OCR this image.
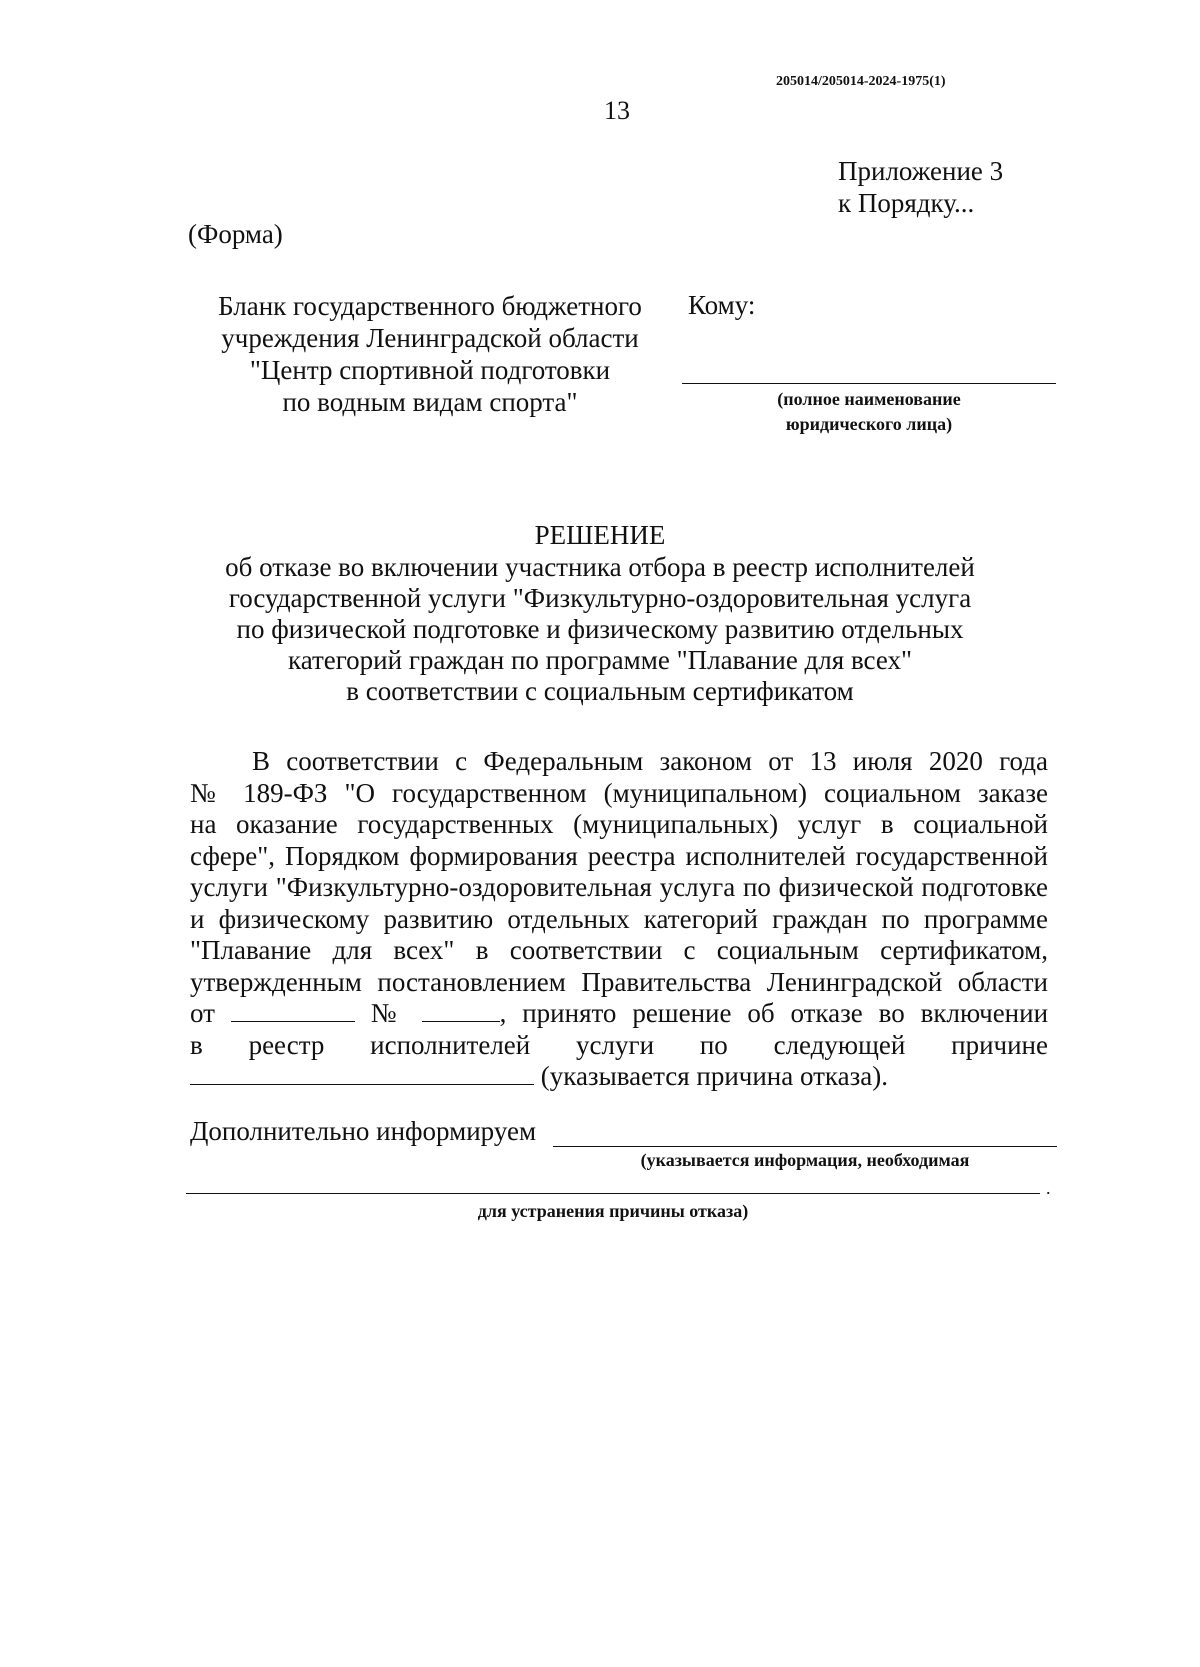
205014/205014-2024-1975(1)
13
Приложение 3
к Порядку...
(Форма)
Бланк государственного бюджетного
учреждения Ленинградской области
"Центр спортивной подготовки
по водным видам спорта"
Кому:
(полное наименование
юридического лица)
РЕШЕНИЕ
об отказе во включении участника отбора в реестр исполнителей
государственной услуги "Физкультурно-оздоровительная услуга
по физической подготовке и физическому развитию отдельных
категорий граждан по программе "Плавание для всех"
в соответствии с социальным сертификатом
В соответствии с Федеральным законом от 13 июля 2020 года
№ 189-ФЗ "О государственном (муниципальном) социальном заказе
на оказание государственных (муниципальных) услуг в социальной
сфере", Порядком формирования реестра исполнителей государственной
услуги "Физкультурно-оздоровительная услуга по физической подготовке
и физическому развитию отдельных категорий граждан по программе
"Плавание для всех" в соответствии с социальным сертификатом,
утвержденным постановлением Правительства Ленинградской области
от	№	, принято решение об отказе во включении
в реестр исполнителей услуги по следующей причине
(указывается причина отказа).
Дополнительно информируем
(указывается информация, необходимая
.
для устранения причины отказа)
